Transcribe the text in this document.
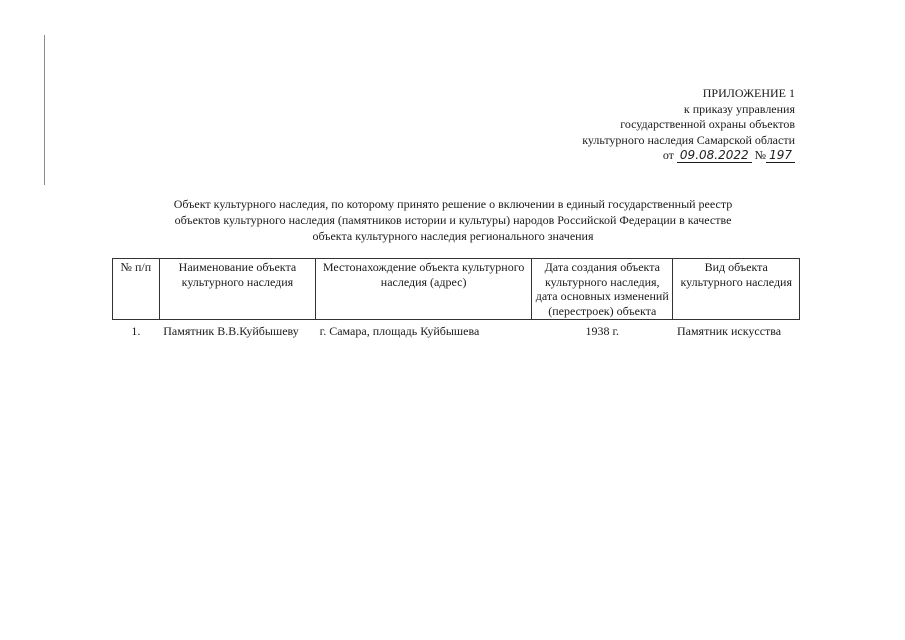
ПРИЛОЖЕНИЕ 1
к приказу управления
государственной охраны объектов
культурного наследия Самарской области
от 09.08.2022 № 197
Объект культурного наследия, по которому принято решение о включении в единый государственный реестр
объектов культурного наследия (памятников истории и культуры) народов Российской Федерации в качестве
объекта культурного наследия регионального значения
№ п/п	Наименование объекта культурного наследия	Местонахождение объекта культурного наследия (адрес)	Дата создания объекта культурного наследия, дата основных изменений (перестроек) объекта	Вид объекта культурного наследия
1.	Памятник В.В.Куйбышеву	г. Самара, площадь Куйбышева	1938 г.	Памятник искусства
